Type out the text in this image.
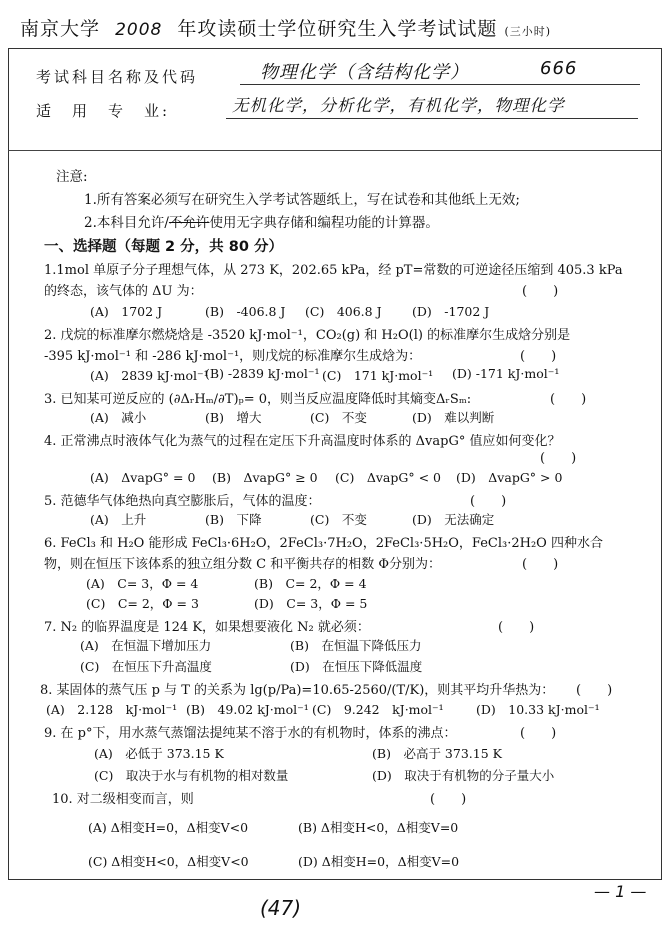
南京大学 2008 年攻读硕士学位研究生入学考试试题 (三小时)
考试科目名称及代码	物理化学（含结构化学）	666
适　用　专　业:	无机化学，分析化学，有机化学，物理化学
注意:
1.所有答案必须写在研究生入学考试答题纸上，写在试卷和其他纸上无效;
2.本科目允许/不允许使用无字典存储和编程功能的计算器。
一、选择题（每题 2 分，共 80 分）
1.1mol 单原子分子理想气体，从 273 K，202.65 kPa，经 pT=常数的可逆途径压缩到 405.3 kPa
的终态，该气体的 ΔU 为：	(　　)
(A)　1702 J	(B)　-406.8 J (C)　406.8 J (D)　-1702 J
2. 戊烷的标准摩尔燃烧焓是 -3520 kJ·mol⁻¹，CO₂(g) 和 H₂O(l) 的标准摩尔生成焓分别是
-395 kJ·mol⁻¹ 和 -286 kJ·mol⁻¹，则戊烷的标准摩尔生成焓为：	(　　)
(A)　2839 kJ·mol⁻¹
(B) -2839 kJ·mol⁻¹ (C)　171 kJ·mol⁻¹ (D) -171 kJ·mol⁻¹
3. 已知某可逆反应的 (∂ΔᵣHₘ/∂T)ₚ= 0，则当反应温度降低时其熵变ΔᵣSₘ:	(　　)
(A)　减小	(B)　增大	(C)　不变	(D)　难以判断
4. 正常沸点时液体气化为蒸气的过程在定压下升高温度时体系的 ΔvapG° 值应如何变化？
(　　)
(A)　ΔvapG° = 0 (B)　ΔvapG° ≥ 0 (C)　ΔvapG° < 0 (D)　ΔvapG° > 0
5. 范德华气体绝热向真空膨胀后，气体的温度：	(　　)
(A)　上升	(B)　下降	(C)　不变	(D)　无法确定
6. FeCl₃ 和 H₂O 能形成 FeCl₃·6H₂O，2FeCl₃·7H₂O，2FeCl₃·5H₂O，FeCl₃·2H₂O 四种水合
物，则在恒压下该体系的独立组分数 C 和平衡共存的相数 Φ分别为：	(　　)
(A)　C= 3，Φ = 4	(B)　C= 2，Φ = 4
(C)　C= 2，Φ = 3	(D)　C= 3，Φ = 5
7. N₂ 的临界温度是 124 K，如果想要液化 N₂ 就必须：	(　　)
(A)　在恒温下增加压力	(B)　在恒温下降低压力
(C)　在恒压下升高温度	(D)　在恒压下降低温度
8. 某固体的蒸气压 p 与 T 的关系为 lg(p/Pa)=10.65-2560/(T/K)，则其平均升华热为： (　　)
(A)　2.128　kJ·mol⁻¹ (B)　49.02 kJ·mol⁻¹ (C)　9.242　kJ·mol⁻¹	(D)　10.33 kJ·mol⁻¹
9. 在 p°下，用水蒸气蒸馏法提纯某不溶于水的有机物时，体系的沸点：	(　　)
(A)　必低于 373.15 K	(B)　必高于 373.15 K
(C)　取决于水与有机物的相对数量	(D)　取决于有机物的分子量大小
10. 对二级相变而言，则	(　　)
(A) Δ相变H=0，Δ相变V<0	(B) Δ相变H<0，Δ相变V=0
(C) Δ相变H<0，Δ相变V<0	(D) Δ相变H=0，Δ相变V=0
— 1 —
(47)
